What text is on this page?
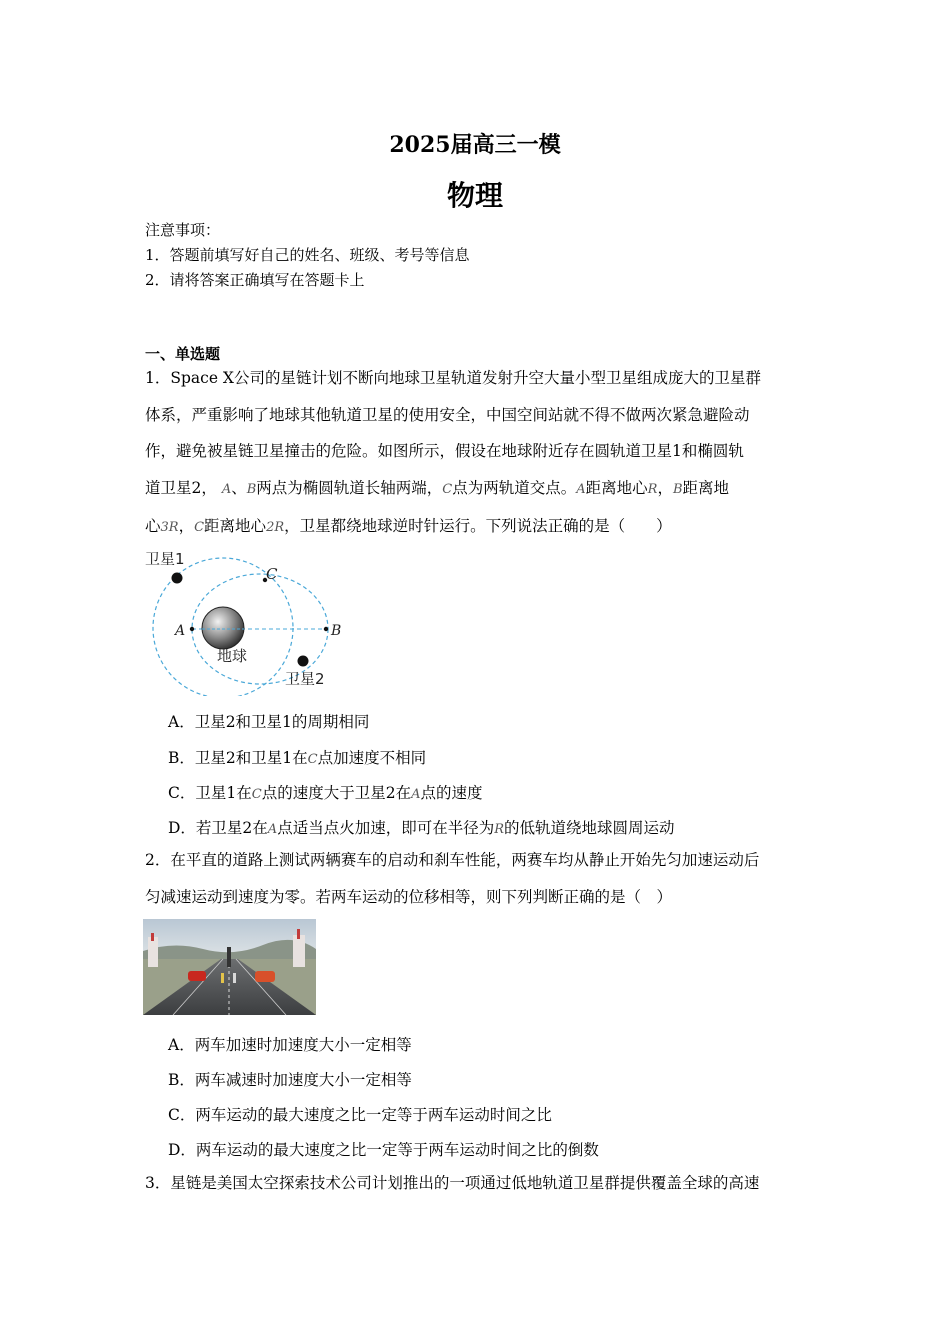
2025届高三一模
物理
注意事项：
1．答题前填写好自己的姓名、班级、考号等信息
2．请将答案正确填写在答题卡上
一、单选题
1．Space X公司的星链计划不断向地球卫星轨道发射升空大量小型卫星组成庞大的卫星群
体系，严重影响了地球其他轨道卫星的使用安全，中国空间站就不得不做两次紧急避险动
作，避免被星链卫星撞击的危险。如图所示，假设在地球附近存在圆轨道卫星1和椭圆轨
道卫星2， A、B两点为椭圆轨道长轴两端，C点为两轨道交点。A距离地心R，B距离地
心3R，C距离地心2R，卫星都绕地球逆时针运行。下列说法正确的是（　　）
卫星1
C
A	B
地球
卫星2
A．卫星2和卫星1的周期相同
B．卫星2和卫星1在C点加速度不相同
C．卫星1在C点的速度大于卫星2在A点的速度
D．若卫星2在A点适当点火加速，即可在半径为R的低轨道绕地球圆周运动
2．在平直的道路上测试两辆赛车的启动和刹车性能，两赛车均从静止开始先匀加速运动后
匀减速运动到速度为零。若两车运动的位移相等，则下列判断正确的是（　）
A．两车加速时加速度大小一定相等
B．两车减速时加速度大小一定相等
C．两车运动的最大速度之比一定等于两车运动时间之比
D．两车运动的最大速度之比一定等于两车运动时间之比的倒数
3．星链是美国太空探索技术公司计划推出的一项通过低地轨道卫星群提供覆盖全球的高速
